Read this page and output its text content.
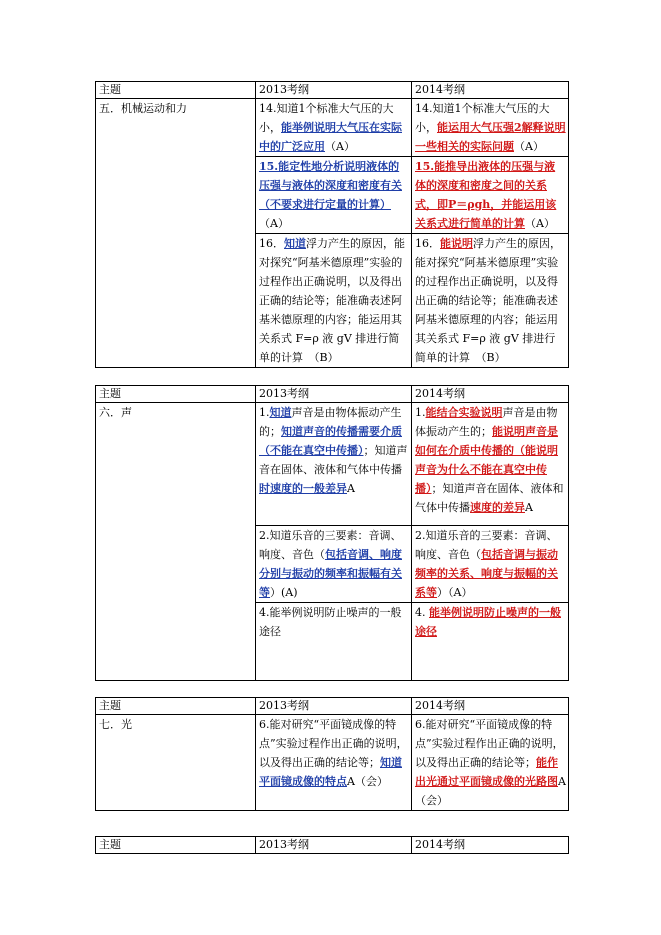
主题	2013考纲	2014考纲
五．机械运动和力	14.知道1个标准大气压的大小，能举例说明大气压在实际中的广泛应用（A）	14.知道1个标准大气压的大小，能运用大气压强2解释说明一些相关的实际问题（A）
	15.能定性地分析说明液体的压强与液体的深度和密度有关（不要求进行定量的计算）（A）	15.能推导出液体的压强与液体的深度和密度之间的关系式，即P＝ρgh，并能运用该关系式进行简单的计算（A）
	16．知道浮力产生的原因，能对探究“阿基米德原理”实验的过程作出正确说明，以及得出正确的结论等；能准确表述阿基米德原理的内容；能运用其关系式 F=ρ 液 gV 排进行简单的计算　（B）	16．能说明浮力产生的原因，能对探究“阿基米德原理”实验的过程作出正确说明，以及得出正确的结论等；能准确表述阿基米德原理的内容；能运用其关系式 F=ρ 液 gV 排进行简单的计算　（B）
主题	2013考纲	2014考纲
六．声	1.知道声音是由物体振动产生的；知道声音的传播需要介质（不能在真空中传播）；知道声音在固体、液体和气体中传播时速度的一般差异A	1.能结合实验说明声音是由物体振动产生的；能说明声音是如何在介质中传播的（能说明声音为什么不能在真空中传播）；知道声音在固体、液体和气体中传播速度的差异A
	2.知道乐音的三要素：音调、响度、音色（包括音调、响度分别与振动的频率和振幅有关等）(A)	2.知道乐音的三要素：音调、响度、音色（包括音调与振动频率的关系、响度与振幅的关系等）（A）
	4.能举例说明防止噪声的一般途径	4. 能举例说明防止噪声的一般途径
主题	2013考纲	2014考纲
七．光	6.能对研究“平面镜成像的特点”实验过程作出正确的说明，以及得出正确的结论等；知道平面镜成像的特点A（会）	6.能对研究“平面镜成像的特点”实验过程作出正确的说明，以及得出正确的结论等；能作出光通过平面镜成像的光路图A（会）
主题	2013考纲	2014考纲
